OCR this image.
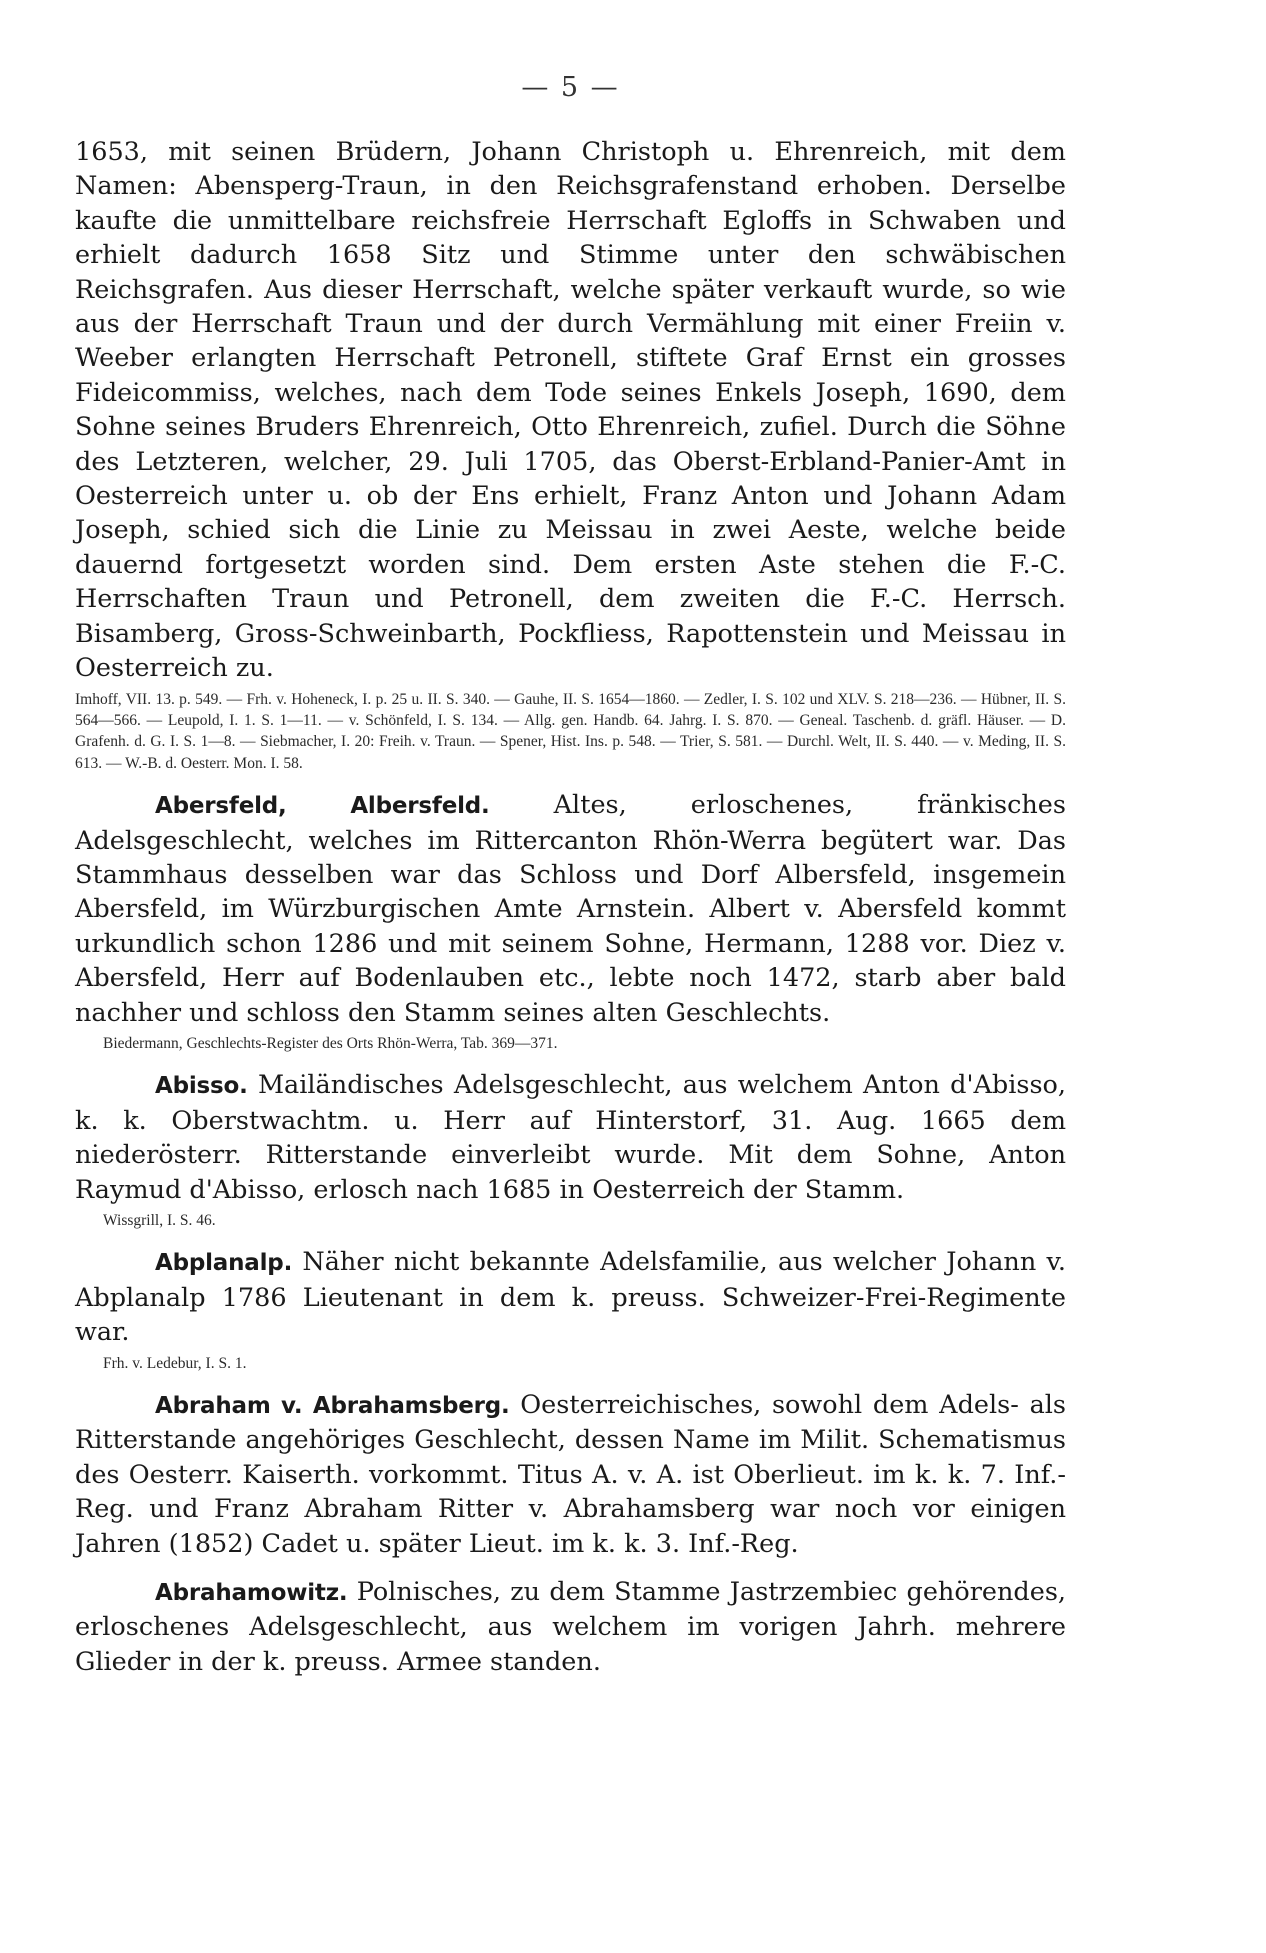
— 5 —

1653, mit seinen Brüdern, Johann Christoph u. Ehrenreich, mit dem Namen: Abensperg-Traun, in den Reichsgrafenstand erhoben. Derselbe kaufte die unmittelbare reichsfreie Herrschaft Egloffs in Schwaben und erhielt dadurch 1658 Sitz und Stimme unter den schwäbischen Reichsgrafen. Aus dieser Herrschaft, welche später verkauft wurde, so wie aus der Herrschaft Traun und der durch Vermählung mit einer Freiin v. Weeber erlangten Herrschaft Petronell, stiftete Graf Ernst ein grosses Fideicommiss, welches, nach dem Tode seines Enkels Joseph, 1690, dem Sohne seines Bruders Ehrenreich, Otto Ehrenreich, zufiel. Durch die Söhne des Letzteren, welcher, 29. Juli 1705, das Oberst-Erbland-Panier-Amt in Oesterreich unter u. ob der Ens erhielt, Franz Anton und Johann Adam Joseph, schied sich die Linie zu Meissau in zwei Aeste, welche beide dauernd fortgesetzt worden sind. Dem ersten Aste stehen die F.-C. Herrschaften Traun und Petronell, dem zweiten die F.-C. Herrsch. Bisamberg, Gross-Schweinbarth, Pockfliess, Rapottenstein und Meissau in Oesterreich zu.

Imhoff, VII. 13. p. 549. — Frh. v. Hoheneck, I. p. 25 u. II. S. 340. — Gauhe, II. S. 1654—1860. — Zedler, I. S. 102 und XLV. S. 218—236. — Hübner, II. S. 564—566. — Leupold, I. 1. S. 1—11. — v. Schönfeld, I. S. 134. — Allg. gen. Handb. 64. Jahrg. I. S. 870. — Geneal. Taschenb. d. gräfl. Häuser. — D. Grafenh. d. G. I. S. 1—8. — Siebmacher, I. 20: Freih. v. Traun. — Spener, Hist. Ins. p. 548. — Trier, S. 581. — Durchl. Welt, II. S. 440. — v. Meding, II. S. 613. — W.-B. d. Oesterr. Mon. I. 58.

Abersfeld, Albersfeld.	Altes, erloschenes, fränkisches Adelsgeschlecht, welches im Rittercanton Rhön-Werra begütert war. Das Stammhaus desselben war das Schloss und Dorf Albersfeld, insgemein Abersfeld, im Würzburgischen Amte Arnstein. Albert v. Abersfeld kommt urkundlich schon 1286 und mit seinem Sohne, Hermann, 1288 vor. Diez v. Abersfeld, Herr auf Bodenlauben etc., lebte noch 1472, starb aber bald nachher und schloss den Stamm seines alten Geschlechts.

Biedermann, Geschlechts-Register des Orts Rhön-Werra, Tab. 369—371.

Abisso. Mailändisches Adelsgeschlecht, aus welchem Anton d'Abisso, k. k. Oberstwachtm. u. Herr auf Hinterstorf, 31. Aug. 1665 dem niederösterr. Ritterstande einverleibt wurde. Mit dem Sohne, Anton Raymud d'Abisso, erlosch nach 1685 in Oesterreich der Stamm.

Wissgrill, I. S. 46.

Abplanalp. Näher nicht bekannte Adelsfamilie, aus welcher Johann v. Abplanalp 1786 Lieutenant in dem k. preuss. Schweizer-Frei-Regimente war.

Frh. v. Ledebur, I. S. 1.

Abraham v. Abrahamsberg. Oesterreichisches, sowohl dem Adels- als Ritterstande angehöriges Geschlecht, dessen Name im Milit. Schematismus des Oesterr. Kaiserth. vorkommt. Titus A. v. A. ist Oberlieut. im k. k. 7. Inf.-Reg. und Franz Abraham Ritter v. Abrahamsberg war noch vor einigen Jahren (1852) Cadet u. später Lieut. im k. k. 3. Inf.-Reg.

Abrahamowitz. Polnisches, zu dem Stamme Jastrzembiec gehörendes, erloschenes Adelsgeschlecht, aus welchem im vorigen Jahrh. mehrere Glieder in der k. preuss. Armee standen.
